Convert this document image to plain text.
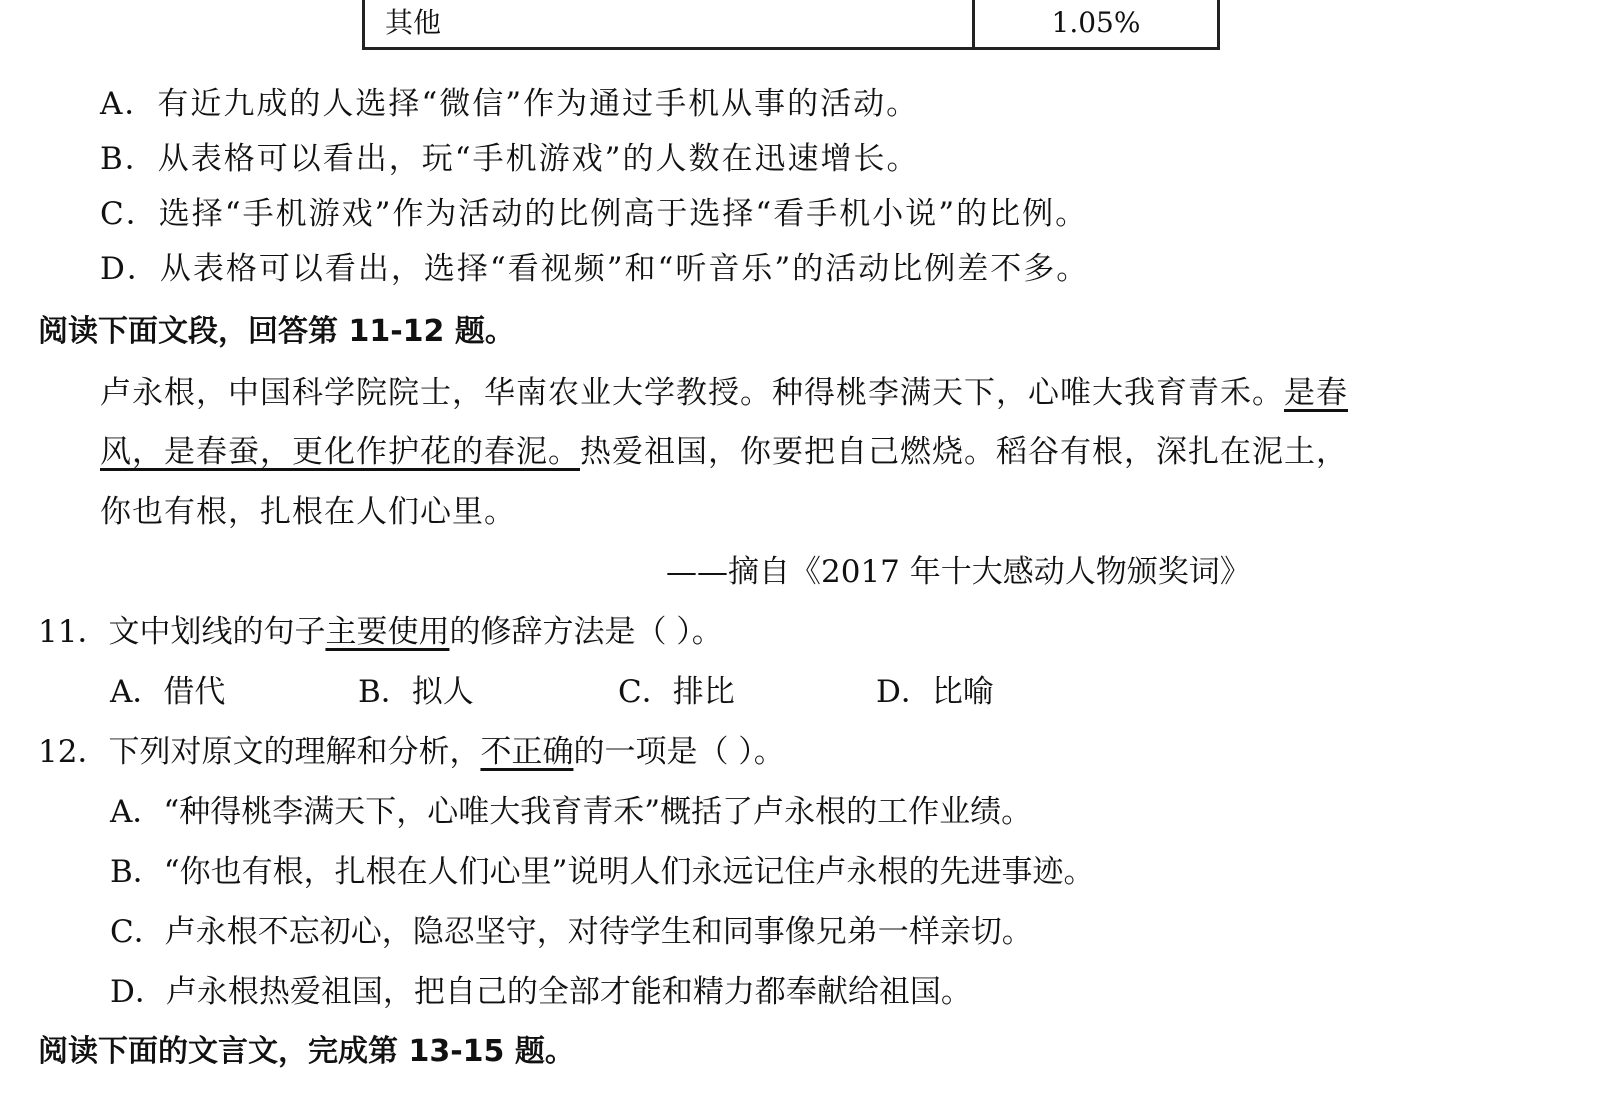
其他	1.05%
A．有近九成的人选择“微信”作为通过手机从事的活动。
B．从表格可以看出，玩“手机游戏”的人数在迅速增长。
C．选择“手机游戏”作为活动的比例高于选择“看手机小说”的比例。
D．从表格可以看出，选择“看视频”和“听音乐”的活动比例差不多。
阅读下面文段，回答第 11-12 题。
卢永根，中国科学院院士，华南农业大学教授。种得桃李满天下，心唯大我育青禾。是春
风，是春蚕，更化作护花的春泥。热爱祖国，你要把自己燃烧。稻谷有根，深扎在泥土，
你也有根，扎根在人们心里。
——摘自《2017 年十大感动人物颁奖词》
11．文中划线的句子主要使用的修辞方法是（ ）。
A．借代	B．拟人	C．排比	D．比喻
12．下列对原文的理解和分析，不正确的一项是（ ）。
A．“种得桃李满天下，心唯大我育青禾”概括了卢永根的工作业绩。
B．“你也有根，扎根在人们心里”说明人们永远记住卢永根的先进事迹。
C．卢永根不忘初心，隐忍坚守，对待学生和同事像兄弟一样亲切。
D．卢永根热爱祖国，把自己的全部才能和精力都奉献给祖国。
阅读下面的文言文，完成第 13-15 题。
